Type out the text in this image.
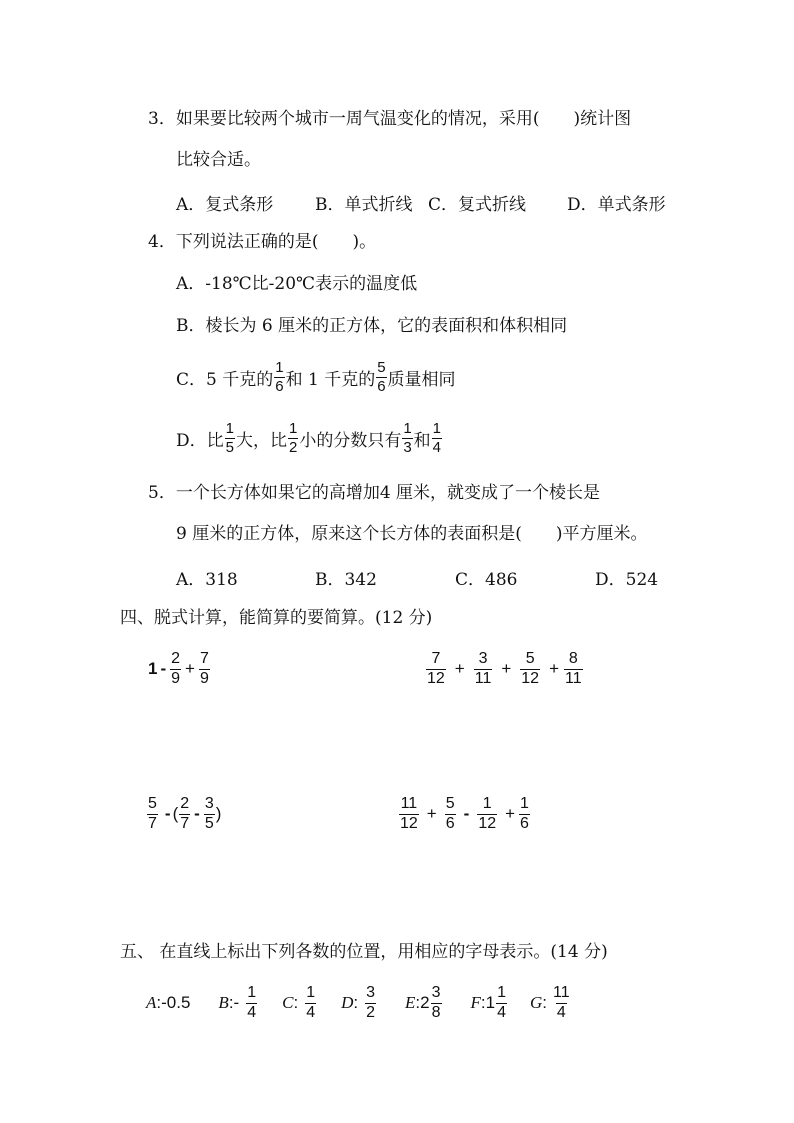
3．如果要比较两个城市一周气温变化的情况，采用(　　)统计图
比较合适。
A．复式条形 B．单式折线 C．复式折线 D．单式条形
4．下列说法正确的是(　　)。
A．-18℃比-20℃表示的温度低
B．棱长为 6 厘米的正方体，它的表面积和体积相同
C．5 千克的 $\frac{1}{6}$ 和 1 千克的 $\frac{5}{6}$ 质量相同
D．比 $\frac{1}{5}$ 大，比 $\frac{1}{2}$ 小的分数只有 $\frac{1}{3}$ 和 $\frac{1}{4}$
5．一个长方体如果它的高增加4 厘米，就变成了一个棱长是
9 厘米的正方体，原来这个长方体的表面积是(　　)平方厘米。
A．318	B．342	C．486	D．524
四、脱式计算，能简算的要简算。(12 分)
$1 - \frac{2}{9} + \frac{7}{9}$	$\frac{7}{12} + \frac{3}{11} + \frac{5}{12} + \frac{8}{11}$
$\frac{5}{7}$ - ( $\frac{2}{7} - \frac{3}{5}$ )	$\frac{11}{12} + \frac{5}{6} - \frac{1}{12} + \frac{1}{6}$
五、 在直线上标出下列各数的位置，用相应的字母表示。(14 分)
A:-0.5 B :- $\frac{1}{4}$ C : $\frac{1}{4}$ D : $\frac{3}{2}$ E :2 $\frac{3}{8}$ F :1 $\frac{1}{4}$ G : $\frac{11}{4}$
